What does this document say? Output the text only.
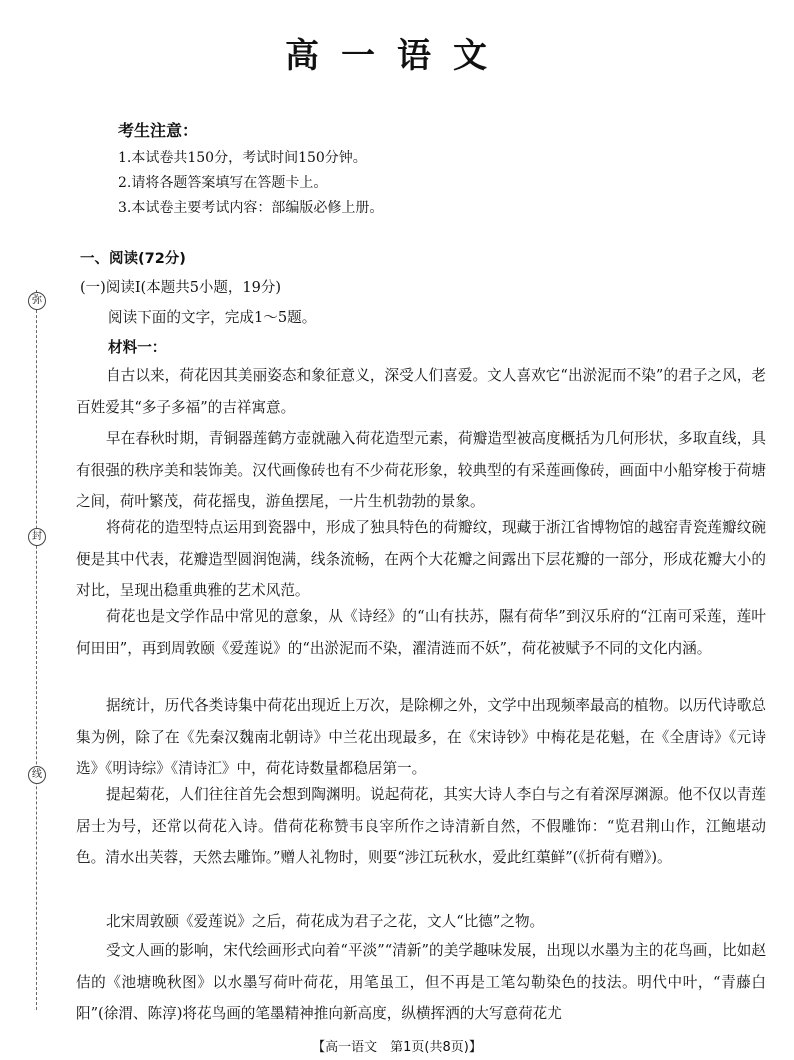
高一语文
弥
封
线
考生注意：
1.本试卷共150分，考试时间150分钟。
2.请将各题答案填写在答题卡上。
3.本试卷主要考试内容：部编版必修上册。
一、阅读(72分)
(一)阅读Ⅰ(本题共5小题，19分)
阅读下面的文字，完成1～5题。
材料一：
自古以来，荷花因其美丽姿态和象征意义，深受人们喜爱。文人喜欢它“出淤泥而不染”的君子之风，老百姓爱其“多子多福”的吉祥寓意。
早在春秋时期，青铜器莲鹤方壶就融入荷花造型元素，荷瓣造型被高度概括为几何形状，多取直线，具有很强的秩序美和装饰美。汉代画像砖也有不少荷花形象，较典型的有采莲画像砖，画面中小船穿梭于荷塘之间，荷叶繁茂，荷花摇曳，游鱼摆尾，一片生机勃勃的景象。
将荷花的造型特点运用到瓷器中，形成了独具特色的荷瓣纹，现藏于浙江省博物馆的越窑青瓷莲瓣纹碗便是其中代表，花瓣造型圆润饱满，线条流畅，在两个大花瓣之间露出下层花瓣的一部分，形成花瓣大小的对比，呈现出稳重典雅的艺术风范。
荷花也是文学作品中常见的意象，从《诗经》的“山有扶苏，隰有荷华”到汉乐府的“江南可采莲，莲叶何田田”，再到周敦颐《爱莲说》的“出淤泥而不染，濯清涟而不妖”，荷花被赋予不同的文化内涵。
据统计，历代各类诗集中荷花出现近上万次，是除柳之外，文学中出现频率最高的植物。以历代诗歌总集为例，除了在《先秦汉魏南北朝诗》中兰花出现最多，在《宋诗钞》中梅花是花魁，在《全唐诗》《元诗选》《明诗综》《清诗汇》中，荷花诗数量都稳居第一。
提起菊花，人们往往首先会想到陶渊明。说起荷花，其实大诗人李白与之有着深厚渊源。他不仅以青莲居士为号，还常以荷花入诗。借荷花称赞韦良宰所作之诗清新自然，不假雕饰：“览君荆山作，江鲍堪动色。清水出芙蓉，天然去雕饰。”赠人礼物时，则要“涉江玩秋水，爱此红蕖鲜”(《折荷有赠》)。
北宋周敦颐《爱莲说》之后，荷花成为君子之花，文人“比德”之物。
受文人画的影响，宋代绘画形式向着“平淡”“清新”的美学趣味发展，出现以水墨为主的花鸟画，比如赵佶的《池塘晚秋图》以水墨写荷叶荷花，用笔虽工，但不再是工笔勾勒染色的技法。明代中叶，“青藤白阳”(徐渭、陈淳)将花鸟画的笔墨精神推向新高度，纵横挥洒的大写意荷花尤
【高一语文　第1页(共8页)】
